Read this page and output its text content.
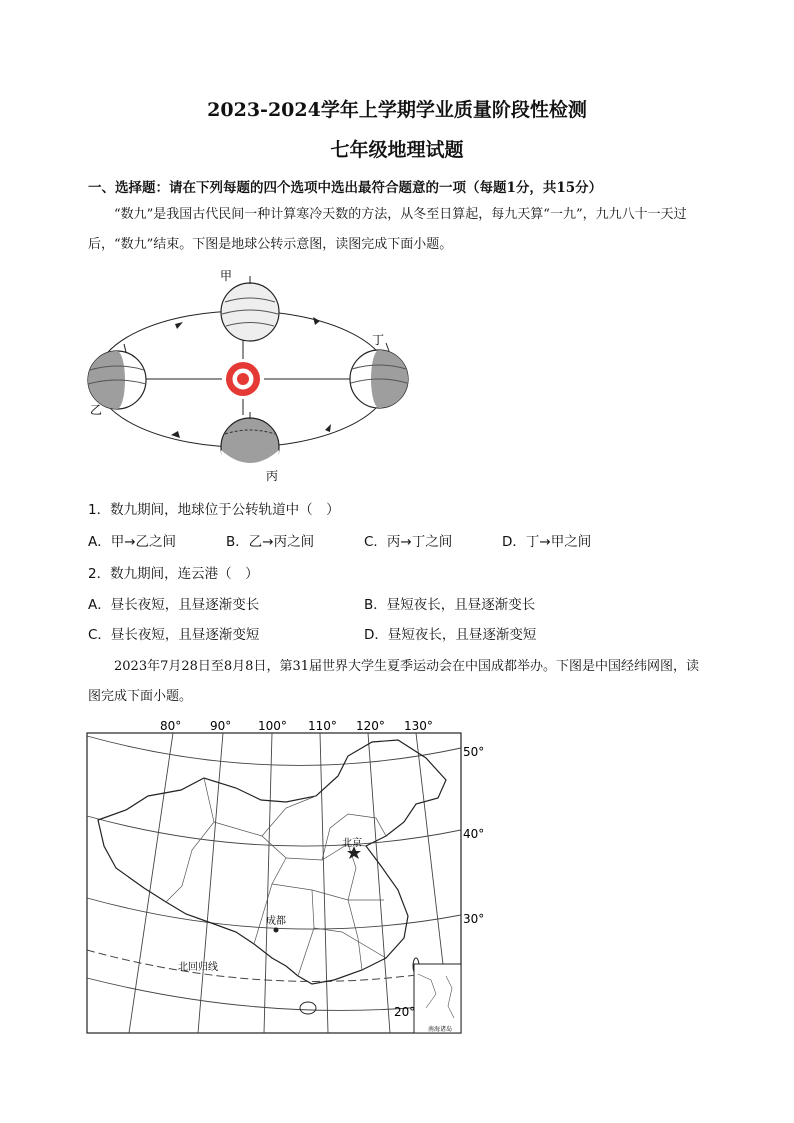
2023-2024学年上学期学业质量阶段性检测
七年级地理试题
一、选择题：请在下列每题的四个选项中选出最符合题意的一项（每题1分，共15分）
“数九”是我国古代民间一种计算寒冷天数的方法，从冬至日算起，每九天算“一九”，九九八十一天过后，“数九”结束。下图是地球公转示意图，读图完成下面小题。
甲
乙
丙
丁
1．数九期间，地球位于公转轨道中（　）
A．甲→乙之间	B．乙→丙之间	C．丙→丁之间	D．丁→甲之间
2．数九期间，连云港（　）
A．昼长夜短，且昼逐渐变长	B．昼短夜长，且昼逐渐变长
C．昼长夜短，且昼逐渐变短	D．昼短夜长，且昼逐渐变短
2023年7月28日至8月8日，第31届世界大学生夏季运动会在中国成都举办。下图是中国经纬网图，读图完成下面小题。
80° 90° 100° 110° 120° 130°
50°
40°
30°
20°
北京
成都
北回归线
南海诸岛
